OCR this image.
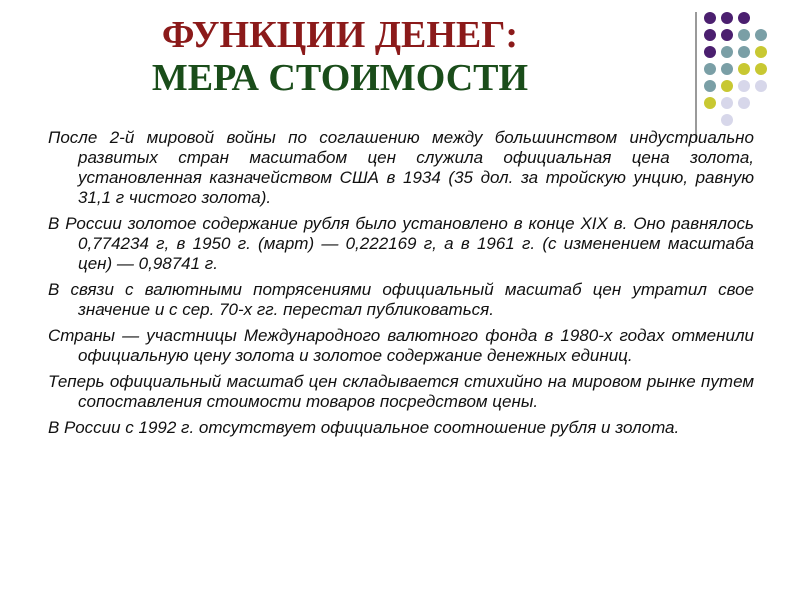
ФУНКЦИИ ДЕНЕГ:
МЕРА СТОИМОСТИ

После 2-й мировой войны по соглашению между большинством индустриально развитых стран масштабом цен служила официальная цена золота, установленная казначейством США в 1934 (35 дол. за тройскую унцию, равную 31,1 г чистого золота).

В России золотое содержание рубля было установлено в конце XIX в. Оно равнялось 0,774234 г, в 1950 г. (март) — 0,222169 г, а в 1961 г. (с изменением масштаба цен) — 0,98741 г.

В связи с валютными потрясениями официальный масштаб цен утратил свое значение и с сер. 70-х гг. перестал публиковаться.

Страны — участницы Международного валютного фонда в 1980-х годах отменили официальную цену золота и золотое содержание денежных единиц.

Теперь официальный масштаб цен складывается стихийно на мировом рынке путем сопоставления стоимости товаров посредством цены.

В России с 1992 г. отсутствует официальное соотношение рубля и золота.
